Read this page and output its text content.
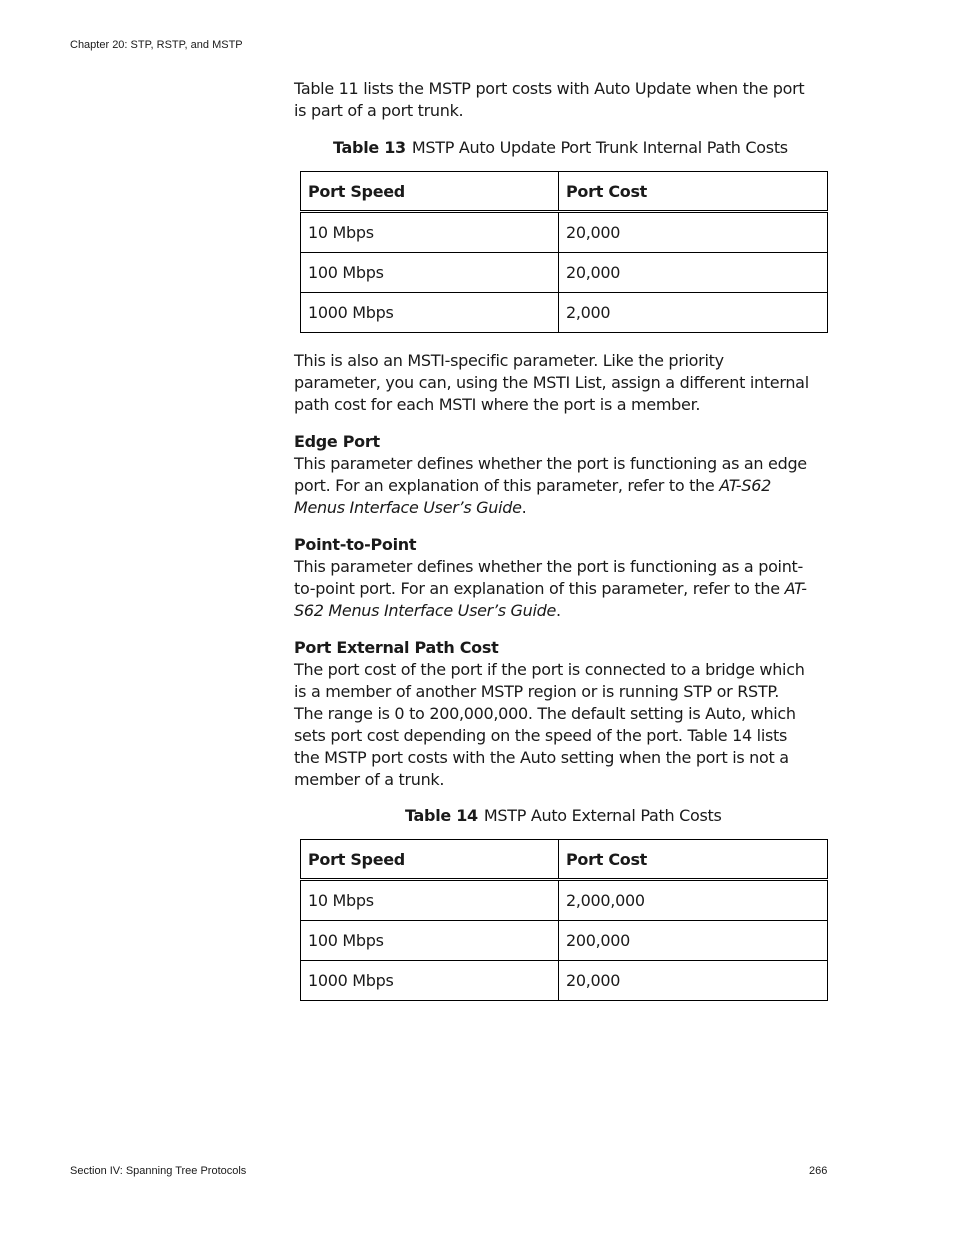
Chapter 20: STP, RSTP, and MSTP

Table 11 lists the MSTP port costs with Auto Update when the port is part of a port trunk.

Table 13 MSTP Auto Update Port Trunk Internal Path Costs
Port Speed	Port Cost
10 Mbps	20,000
100 Mbps	20,000
1000 Mbps	2,000

This is also an MSTI-specific parameter. Like the priority parameter, you can, using the MSTI List, assign a different internal path cost for each MSTI where the port is a member.

Edge Port

This parameter defines whether the port is functioning as an edge port. For an explanation of this parameter, refer to the AT-S62 Menus Interface User’s Guide.

Point-to-Point

This parameter defines whether the port is functioning as a point-to-point port. For an explanation of this parameter, refer to the AT-S62 Menus Interface User’s Guide.

Port External Path Cost

The port cost of the port if the port is connected to a bridge which is a member of another MSTP region or is running STP or RSTP. The range is 0 to 200,000,000. The default setting is Auto, which sets port cost depending on the speed of the port. Table 14 lists the MSTP port costs with the Auto setting when the port is not a member of a trunk.

Table 14 MSTP Auto External Path Costs
Port Speed	Port Cost
10 Mbps	2,000,000
100 Mbps	200,000
1000 Mbps	20,000
Section IV: Spanning Tree Protocols	266
